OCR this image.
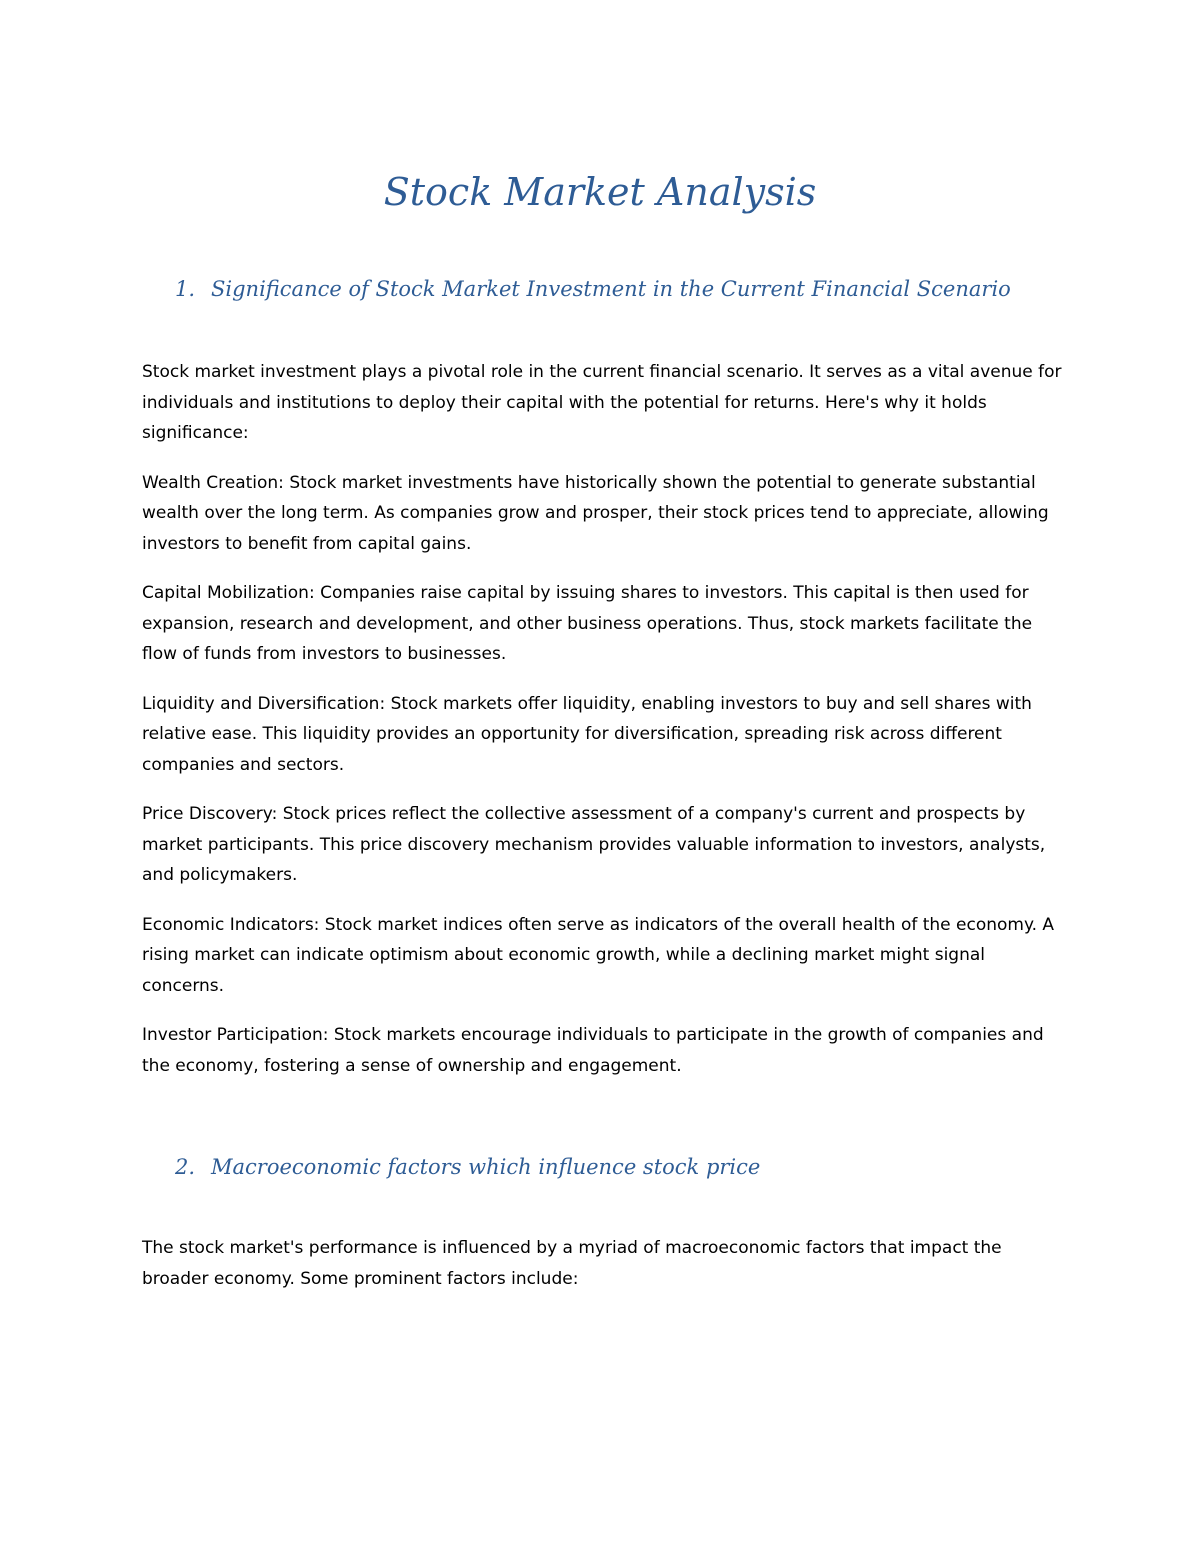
Stock Market Analysis
1. Significance of Stock Market Investment in the Current Financial Scenario

Stock market investment plays a pivotal role in the current financial scenario. It serves as a vital avenue for individuals and institutions to deploy their capital with the potential for returns. Here's why it holds significance:

Wealth Creation: Stock market investments have historically shown the potential to generate substantial wealth over the long term. As companies grow and prosper, their stock prices tend to appreciate, allowing investors to benefit from capital gains.

Capital Mobilization: Companies raise capital by issuing shares to investors. This capital is then used for expansion, research and development, and other business operations. Thus, stock markets facilitate the flow of funds from investors to businesses.

Liquidity and Diversification: Stock markets offer liquidity, enabling investors to buy and sell shares with relative ease. This liquidity provides an opportunity for diversification, spreading risk across different companies and sectors.

Price Discovery: Stock prices reflect the collective assessment of a company's current and prospects by market participants. This price discovery mechanism provides valuable information to investors, analysts, and policymakers.

Economic Indicators: Stock market indices often serve as indicators of the overall health of the economy. A rising market can indicate optimism about economic growth, while a declining market might signal concerns.

Investor Participation: Stock markets encourage individuals to participate in the growth of companies and the economy, fostering a sense of ownership and engagement.

2. Macroeconomic factors which influence stock price

The stock market's performance is influenced by a myriad of macroeconomic factors that impact the broader economy. Some prominent factors include:
